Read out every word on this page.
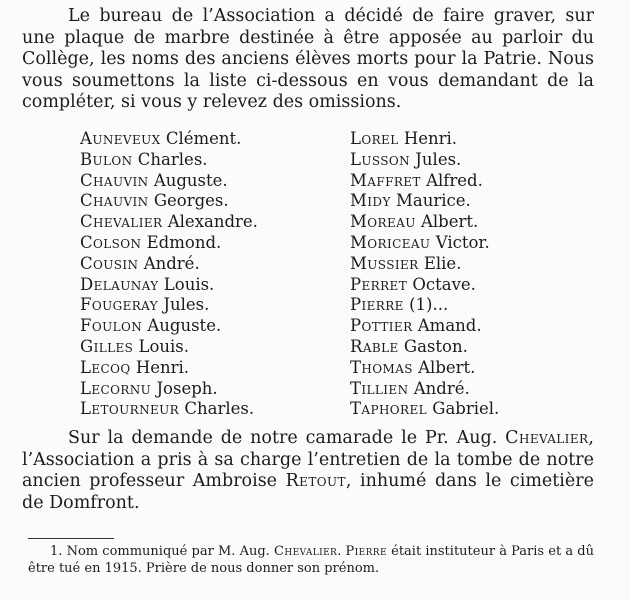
Le bureau de l’Association a décidé de faire graver, sur une plaque de marbre destinée à être apposée au parloir du Collège, les noms des anciens élèves morts pour la Patrie. Nous vous soumettons la liste ci-dessous en vous demandant de la compléter, si vous y relevez des omissions.

Auneveux Clément.
Bulon Charles.
Chauvin Auguste.
Chauvin Georges.
Chevalier Alexandre.
Colson Edmond.
Cousin André.
Delaunay Louis.
Fougeray Jules.
Foulon Auguste.
Gilles Louis.
Lecoq Henri.
Lecornu Joseph.
Letourneur Charles.
Lorel Henri.
Lusson Jules.
Maffret Alfred.
Midy Maurice.
Moreau Albert.
Moriceau Victor.
Mussier Elie.
Perret Octave.
Pierre (1)...
Pottier Amand.
Rable Gaston.
Thomas Albert.
Tillien André.
Taphorel Gabriel.

Sur la demande de notre camarade le Pr. Aug. Chevalier, l’Association a pris à sa charge l’entretien de la tombe de notre ancien professeur Ambroise Retout, inhumé dans le cimetière de Domfront.

1. Nom communiqué par M. Aug. Chevalier. Pierre était instituteur à Paris et a dû être tué en 1915. Prière de nous donner son prénom.
